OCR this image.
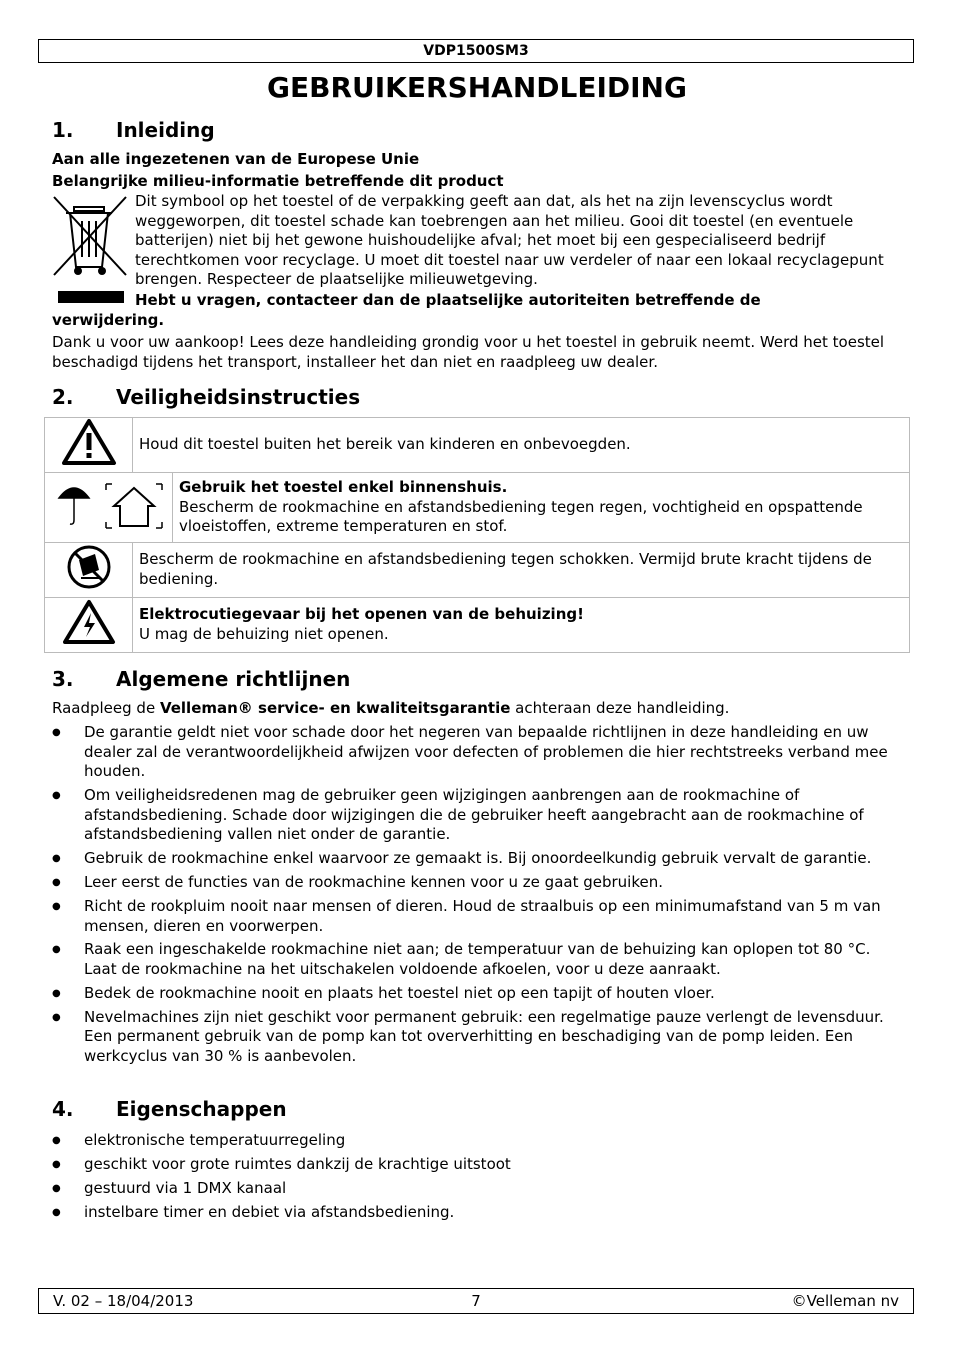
VDP1500SM3
GEBRUIKERSHANDLEIDING
1. Inleiding

Aan alle ingezetenen van de Europese Unie

Belangrijke milieu-informatie betreffende dit product

Dit symbool op het toestel of de verpakking geeft aan dat, als het na zijn levenscyclus wordt weggeworpen, dit toestel schade kan toebrengen aan het milieu. Gooi dit toestel (en eventuele batterijen) niet bij het gewone huishoudelijke afval; het moet bij een gespecialiseerd bedrijf terechtkomen voor recyclage. U moet dit toestel naar uw verdeler of naar een lokaal recyclagepunt brengen. Respecteer de plaatselijke milieuwetgeving.
Hebt u vragen, contacteer dan de plaatselijke autoriteiten betreffende de

verwijdering.

Dank u voor uw aankoop! Lees deze handleiding grondig voor u het toestel in gebruik neemt. Werd het toestel beschadigd tijdens het transport, installeer het dan niet en raadpleeg uw dealer.

2. Veiligheidsinstructies
	Houd dit toestel buiten het bereik van kinderen en onbevoegden.	

Gebruik het toestel enkel binnenshuis.
Bescherm de rookmachine en afstandsbediening tegen regen, vochtigheid en opspattende vloeistoffen, extreme temperaturen en stof.

	Bescherm de rookmachine en afstandsbediening tegen schokken. Vermijd brute kracht tijdens de bediening.	

Elektrocutiegevaar bij het openen van de behuizing!
U mag de behuizing niet openen.	
3. Algemene richtlijnen

Raadpleeg de Velleman® service- en kwaliteitsgarantie achteraan deze handleiding.

● De garantie geldt niet voor schade door het negeren van bepaalde richtlijnen in deze handleiding en uw dealer zal de verantwoordelijkheid afwijzen voor defecten of problemen die hier rechtstreeks verband mee houden.
● Om veiligheidsredenen mag de gebruiker geen wijzigingen aanbrengen aan de rookmachine of afstandsbediening. Schade door wijzigingen die de gebruiker heeft aangebracht aan de rookmachine of afstandsbediening vallen niet onder de garantie.
● Gebruik de rookmachine enkel waarvoor ze gemaakt is. Bij onoordeelkundig gebruik vervalt de garantie.
● Leer eerst de functies van de rookmachine kennen voor u ze gaat gebruiken.
● Richt de rookpluim nooit naar mensen of dieren. Houd de straalbuis op een minimumafstand van 5 m van mensen, dieren en voorwerpen.
● Raak een ingeschakelde rookmachine niet aan; de temperatuur van de behuizing kan oplopen tot 80 °C. Laat de rookmachine na het uitschakelen voldoende afkoelen, voor u deze aanraakt.
● Bedek de rookmachine nooit en plaats het toestel niet op een tapijt of houten vloer.
● Nevelmachines zijn niet geschikt voor permanent gebruik: een regelmatige pauze verlengt de levensduur. Een permanent gebruik van de pomp kan tot oververhitting en beschadiging van de pomp leiden. Een werkcyclus van 30 % is aanbevolen.
4. Eigenschappen
● elektronische temperatuurregeling
● geschikt voor grote ruimtes dankzij de krachtige uitstoot
● gestuurd via 1 DMX kanaal
● instelbare timer en debiet via afstandsbediening.
V. 02 – 18/04/2013	7	©Velleman nv
